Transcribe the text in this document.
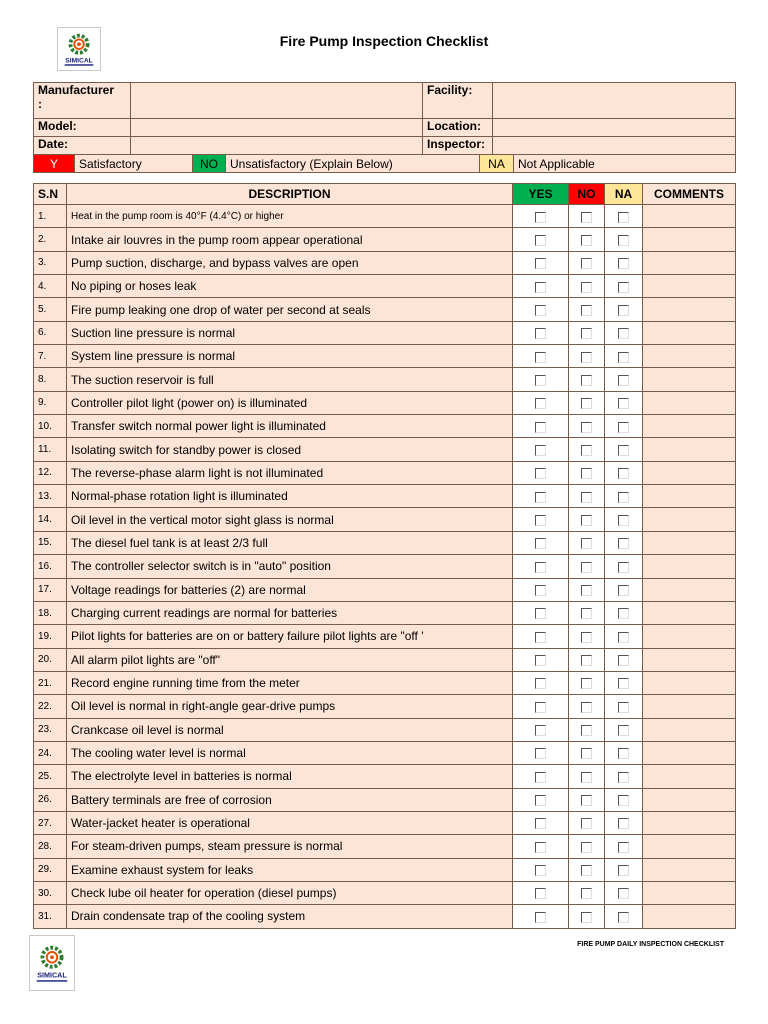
SIMICAL
Fire Pump Inspection Checklist
Manufacturer
:		Facility:	
Model:		Location:	
Date:		Inspector:	
Y	Satisfactory	NO	Unsatisfactory (Explain Below)	NA	Not Applicable
S.N	DESCRIPTION	YES	NO	NA	COMMENTS
1.	Heat in the pump room is 40°F (4.4°C) or higher				
2.	Intake air louvres in the pump room appear operational				
3.	Pump suction, discharge, and bypass valves are open				
4.	No piping or hoses leak				
5.	Fire pump leaking one drop of water per second at seals				
6.	Suction line pressure is normal				
7.	System line pressure is normal				
8.	The suction reservoir is full				
9.	Controller pilot light (power on) is illuminated				
10.	Transfer switch normal power light is illuminated				
11.	Isolating switch for standby power is closed				
12.	The reverse-phase alarm light is not illuminated				
13.	Normal-phase rotation light is illuminated				
14.	Oil level in the vertical motor sight glass is normal				
15.	The diesel fuel tank is at least 2/3 full				
16.	The controller selector switch is in "auto" position				
17.	Voltage readings for batteries (2) are normal				
18.	Charging current readings are normal for batteries				
19.	Pilot lights for batteries are on or battery failure pilot lights are "off '				
20.	All alarm pilot lights are "off"				
21.	Record engine running time from the meter				
22.	Oil level is normal in right-angle gear-drive pumps				
23.	Crankcase oil level is normal				
24.	The cooling water level is normal				
25.	The electrolyte level in batteries is normal				
26.	Battery terminals are free of corrosion				
27.	Water-jacket heater is operational				
28.	For steam-driven pumps, steam pressure is normal				
29.	Examine exhaust system for leaks				
30.	Check lube oil heater for operation (diesel pumps)				
31.	Drain condensate trap of the cooling system				
SIMICAL
FIRE PUMP DAILY INSPECTION CHECKLIST
